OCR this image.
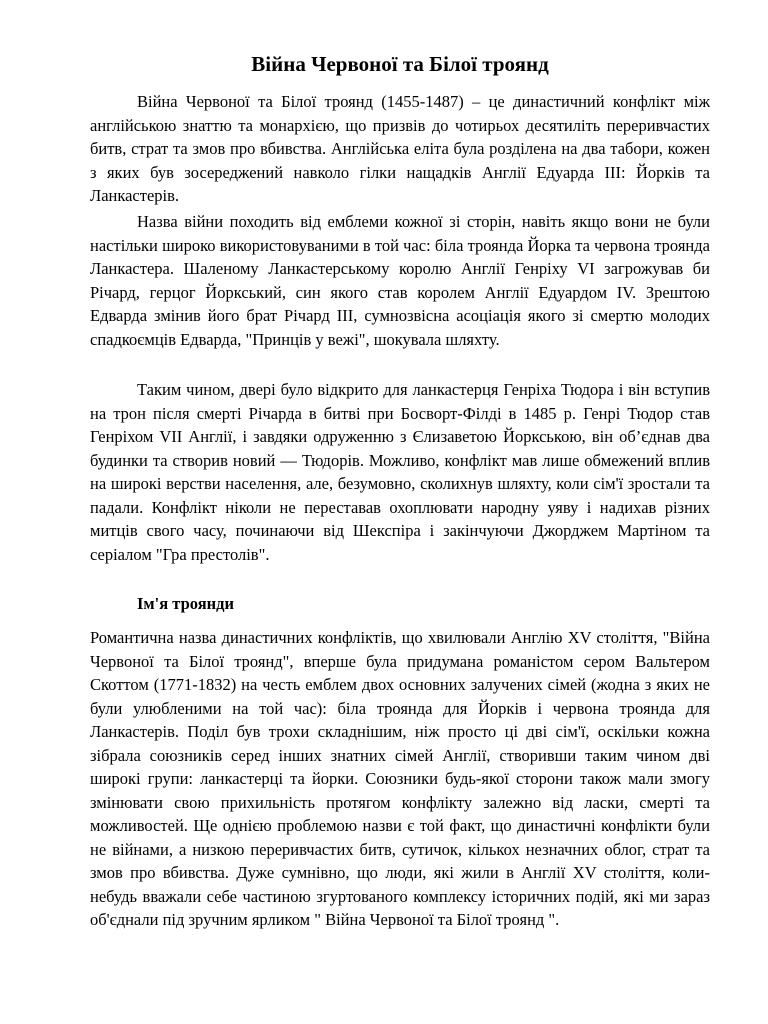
Війна Червоної та Білої троянд

Війна Червоної та Білої троянд (1455-1487) – це династичний конфлікт між англійською знаттю та монархією, що призвів до чотирьох десятиліть переривчастих битв, страт та змов про вбивства. Англійська еліта була розділена на два табори, кожен з яких був зосереджений навколо гілки нащадків Англії Едуарда III: Йорків та Ланкастерів.

Назва війни походить від емблеми кожної зі сторін, навіть якщо вони не були настільки широко використовуваними в той час: біла троянда Йорка та червона троянда Ланкастера. Шаленому Ланкастерському королю Англії Генріху VI загрожував би Річард, герцог Йоркський, син якого став королем Англії Едуардом IV. Зрештою Едварда змінив його брат Річард III, сумнозвісна асоціація якого зі смертю молодих спадкоємців Едварда, "Принців у вежі", шокувала шляхту.

Таким чином, двері було відкрито для ланкастерця Генріха Тюдора і він вступив на трон після смерті Річарда в битві при Босворт-Філді в 1485 р. Генрі Тюдор став Генріхом VII Англії, і завдяки одруженню з Єлизаветою Йоркською, він об’єднав два будинки та створив новий — Тюдорів. Можливо, конфлікт мав лише обмежений вплив на широкі верстви населення, але, безумовно, сколихнув шляхту, коли сім'ї зростали та падали. Конфлікт ніколи не переставав охоплювати народну уяву і надихав різних митців свого часу, починаючи від Шекспіра і закінчуючи Джорджем Мартіном та серіалом "Гра престолів".

Ім'я троянди

Романтична назва династичних конфліктів, що хвилювали Англію XV століття, "Війна Червоної та Білої троянд", вперше була придумана романістом сером Вальтером Скоттом (1771-1832) на честь емблем двох основних залучених сімей (жодна з яких не були улюбленими на той час): біла троянда для Йорків і червона троянда для Ланкастерів. Поділ був трохи складнішим, ніж просто ці дві сім'ї, оскільки кожна зібрала союзників серед інших знатних сімей Англії, створивши таким чином дві широкі групи: ланкастерці та йорки. Союзники будь-якої сторони також мали змогу змінювати свою прихильність протягом конфлікту залежно від ласки, смерті та можливостей. Ще однією проблемою назви є той факт, що династичні конфлікти були не війнами, а низкою переривчастих битв, сутичок, кількох незначних облог, страт та змов про вбивства. Дуже сумнівно, що люди, які жили в Англії XV століття, коли-небудь вважали себе частиною згуртованого комплексу історичних подій, які ми зараз об'єднали під зручним ярликом " Війна Червоної та Білої троянд ".
